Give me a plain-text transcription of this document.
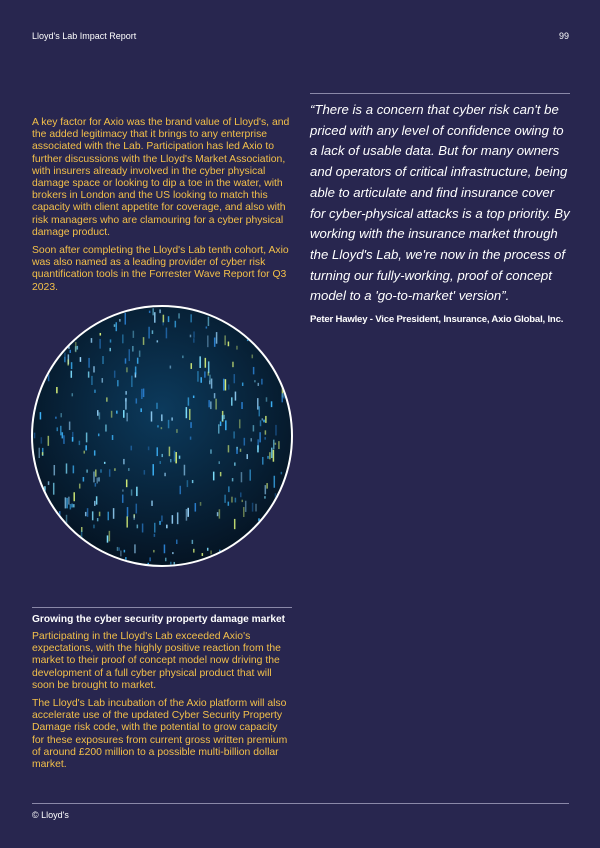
Lloyd's Lab Impact Report	99

A key factor for Axio was the brand value of Lloyd's, and the added legitimacy that it brings to any enterprise associated with the Lab. Participation has led Axio to further discussions with the Lloyd's Market Association, with insurers already involved in the cyber physical damage space or looking to dip a toe in the water, with brokers in London and the US looking to match this capacity with client appetite for coverage, and also with risk managers who are clamouring for a cyber physical damage product.

Soon after completing the Lloyd's Lab tenth cohort, Axio was also named as a leading provider of cyber risk quantification tools in the Forrester Wave Report for Q3 2023.

“There is a concern that cyber risk can't be priced with any level of confidence owing to a lack of usable data. But for many owners and operators of critical infrastructure, being able to articulate and find insurance cover for cyber-physical attacks is a top priority. By working with the insurance market through the Lloyd's Lab, we're now in the process of turning our fully-working, proof of concept model to a 'go-to-market' version”.

Peter Hawley - Vice President, Insurance, Axio Global, Inc.

Growing the cyber security property damage market

Participating in the Lloyd's Lab exceeded Axio's expectations, with the highly positive reaction from the market to their proof of concept model now driving the development of a full cyber physical product that will soon be brought to market.

The Lloyd's Lab incubation of the Axio platform will also accelerate use of the updated Cyber Security Property Damage risk code, with the potential to grow capacity for these exposures from current gross written premium of around £200 million to a possible multi-billion dollar market.

© Lloyd's
